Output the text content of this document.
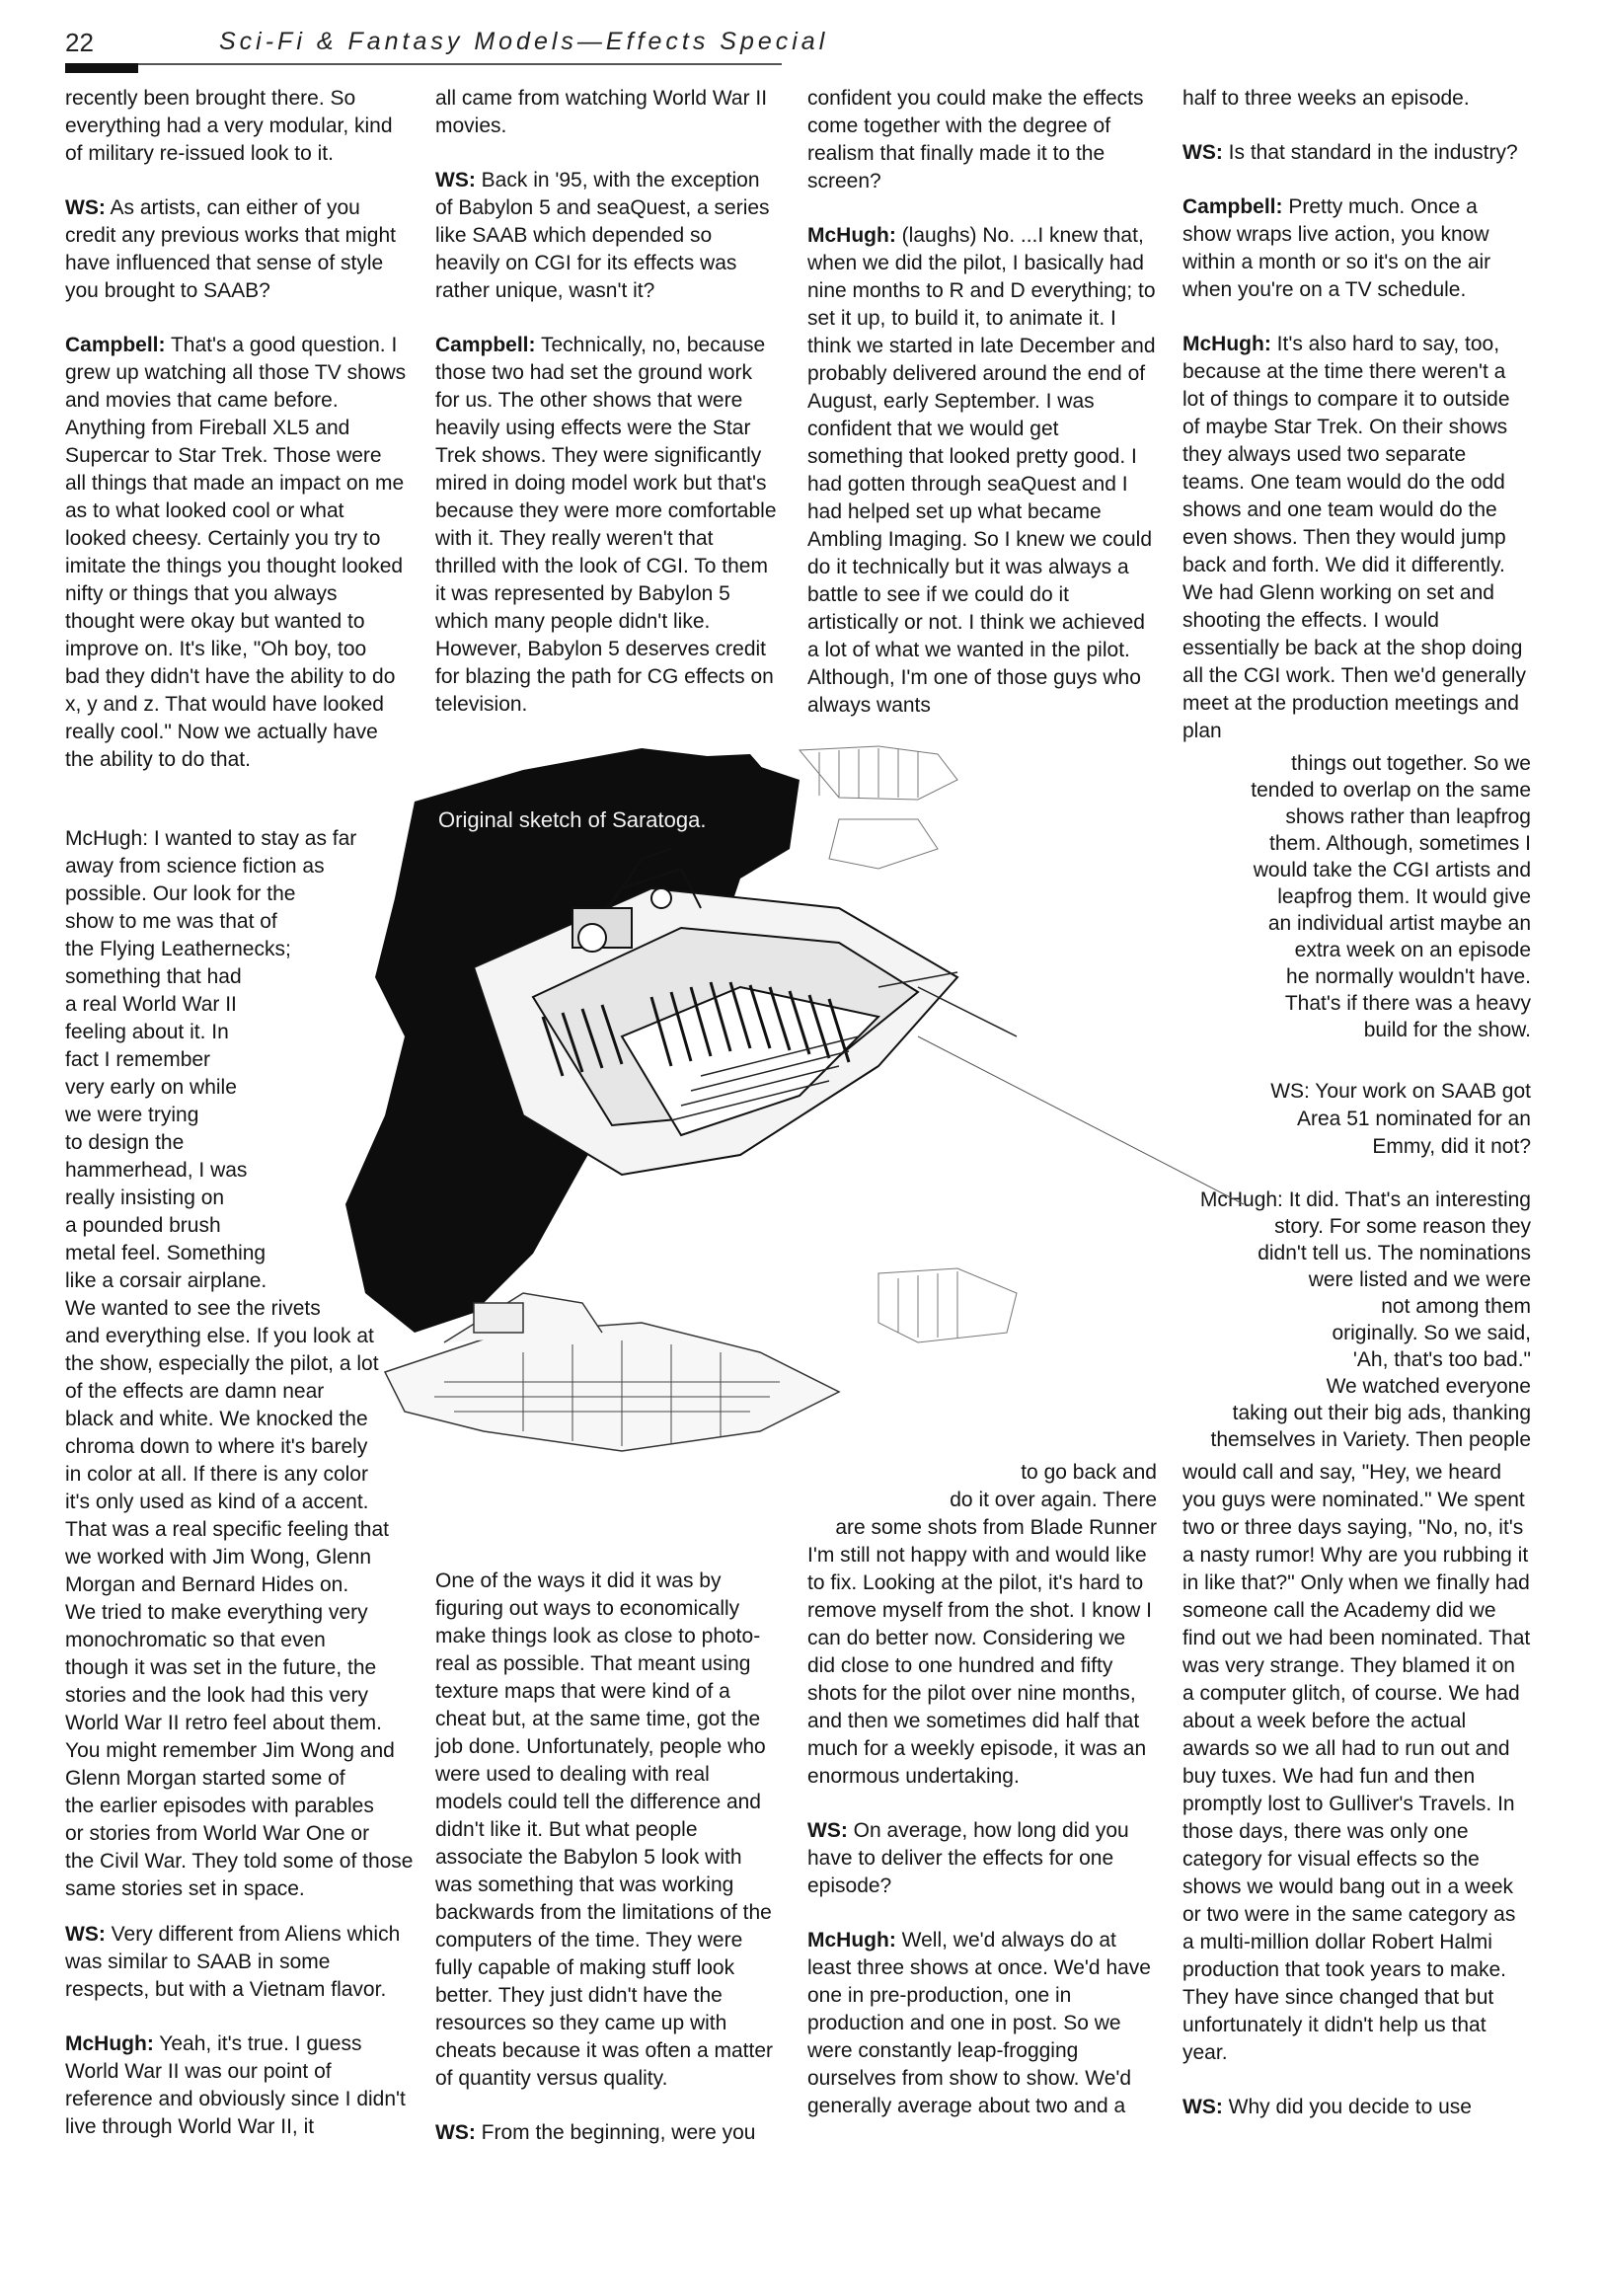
22	Sci-Fi & Fantasy Models—Effects Special

recently been brought there. So everything had a very modular, kind of military re-issued look to it.

WS: As artists, can either of you credit any previous works that might have influenced that sense of style you brought to SAAB?

Campbell: That's a good question. I grew up watching all those TV shows and movies that came before. Anything from Fireball XL5 and Supercar to Star Trek. Those were all things that made an impact on me as to what looked cool or what looked cheesy. Certainly you try to imitate the things you thought looked nifty or things that you always thought were okay but wanted to improve on. It's like, "Oh boy, too bad they didn't have the ability to do x, y and z. That would have looked really cool." Now we actually have the ability to do that.

McHugh: I wanted to stay as far
away from science fiction as
possible. Our look for the
show to me was that of
the Flying Leathernecks;
something that had
a real World War II
feeling about it. In
fact I remember
very early on while
we were trying
to design the
hammerhead, I was
really insisting on
a pounded brush
metal feel. Something
like a corsair airplane.
We wanted to see the rivets
and everything else. If you look at
the show, especially the pilot, a lot
of the effects are damn near
black and white. We knocked the
chroma down to where it's barely
in color at all. If there is any color
it's only used as kind of a accent.
That was a real specific feeling that
we worked with Jim Wong, Glenn
Morgan and Bernard Hides on.
We tried to make everything very
monochromatic so that even
though it was set in the future, the
stories and the look had this very
World War II retro feel about them.
You might remember Jim Wong and
Glenn Morgan started some of
the earlier episodes with parables
or stories from World War One or
the Civil War. They told some of those
same stories set in space.

WS: Very different from Aliens which was similar to SAAB in some respects, but with a Vietnam flavor.

McHugh: Yeah, it's true. I guess World War II was our point of reference and obviously since I didn't live through World War II, it

all came from watching World War II movies.

WS: Back in '95, with the exception of Babylon 5 and seaQuest, a series like SAAB which depended so heavily on CGI for its effects was rather unique, wasn't it?

Campbell: Technically, no, because those two had set the ground work for us. The other shows that were heavily using effects were the Star Trek shows. They were significantly mired in doing model work but that's because they were more comfortable with it. They really weren't that thrilled with the look of CGI. To them it was represented by Babylon 5 which many people didn't like. However, Babylon 5 deserves credit for blazing the path for CG effects on television.

One of the ways it did it was by figuring out ways to economically make things look as close to photo-real as possible. That meant using texture maps that were kind of a cheat but, at the same time, got the job done. Unfortunately, people who were used to dealing with real models could tell the difference and didn't like it. But what people associate the Babylon 5 look with was something that was working backwards from the limitations of the computers of the time. They were fully capable of making stuff look better. They just didn't have the resources so they came up with cheats because it was often a matter of quantity versus quality.

WS: From the beginning, were you

confident you could make the effects come together with the degree of realism that finally made it to the screen?

McHugh: (laughs) No. ...I knew that, when we did the pilot, I basically had nine months to R and D everything; to set it up, to build it, to animate it. I think we started in late December and probably delivered around the end of August, early September. I was confident that we would get something that looked pretty good. I had gotten through seaQuest and I had helped set up what became Ambling Imaging. So I knew we could do it technically but it was always a battle to see if we could do it artistically or not. I think we achieved a lot of what we wanted in the pilot. Although, I'm one of those guys who always wants

to go back and
do it over again. There
are some shots from Blade Runner

I'm still not happy with and would like to fix. Looking at the pilot, it's hard to remove myself from the shot. I know I can do better now. Considering we did close to one hundred and fifty shots for the pilot over nine months, and then we sometimes did half that much for a weekly episode, it was an enormous undertaking.

WS: On average, how long did you have to deliver the effects for one episode?

McHugh: Well, we'd always do at least three shows at once. We'd have one in pre-production, one in production and one in post. So we were constantly leap-frogging ourselves from show to show. We'd generally average about two and a

half to three weeks an episode.

WS: Is that standard in the industry?

Campbell: Pretty much. Once a show wraps live action, you know within a month or so it's on the air when you're on a TV schedule.

McHugh: It's also hard to say, too, because at the time there weren't a lot of things to compare it to outside of maybe Star Trek. On their shows they always used two separate teams. One team would do the odd shows and one team would do the even shows. Then they would jump back and forth. We did it differently. We had Glenn working on set and shooting the effects. I would essentially be back at the shop doing all the CGI work. Then we'd generally meet at the production meetings and plan

things out together. So we
tended to overlap on the same
shows rather than leapfrog
them. Although, sometimes I
would take the CGI artists and
leapfrog them. It would give
an individual artist maybe an
extra week on an episode
he normally wouldn't have.
That's if there was a heavy
build for the show.
WS: Your work on SAAB got
Area 51 nominated for an
Emmy, did it not?
McHugh: It did. That's an interesting
story. For some reason they
didn't tell us. The nominations
were listed and we were
not among them
originally. So we said,
'Ah, that's too bad."
We watched everyone
taking out their big ads, thanking
themselves in Variety. Then people

would call and say, "Hey, we heard you guys were nominated." We spent two or three days saying, "No, no, it's a nasty rumor! Why are you rubbing it in like that?" Only when we finally had someone call the Academy did we find out we had been nominated. That was very strange. They blamed it on a computer glitch, of course. We had about a week before the actual awards so we all had to run out and buy tuxes. We had fun and then promptly lost to Gulliver's Travels. In those days, there was only one category for visual effects so the shows we would bang out in a week or two were in the same category as a multi-million dollar Robert Halmi production that took years to make. They have since changed that but unfortunately it didn't help us that year.

WS: Why did you decide to use

Original sketch of Saratoga.
